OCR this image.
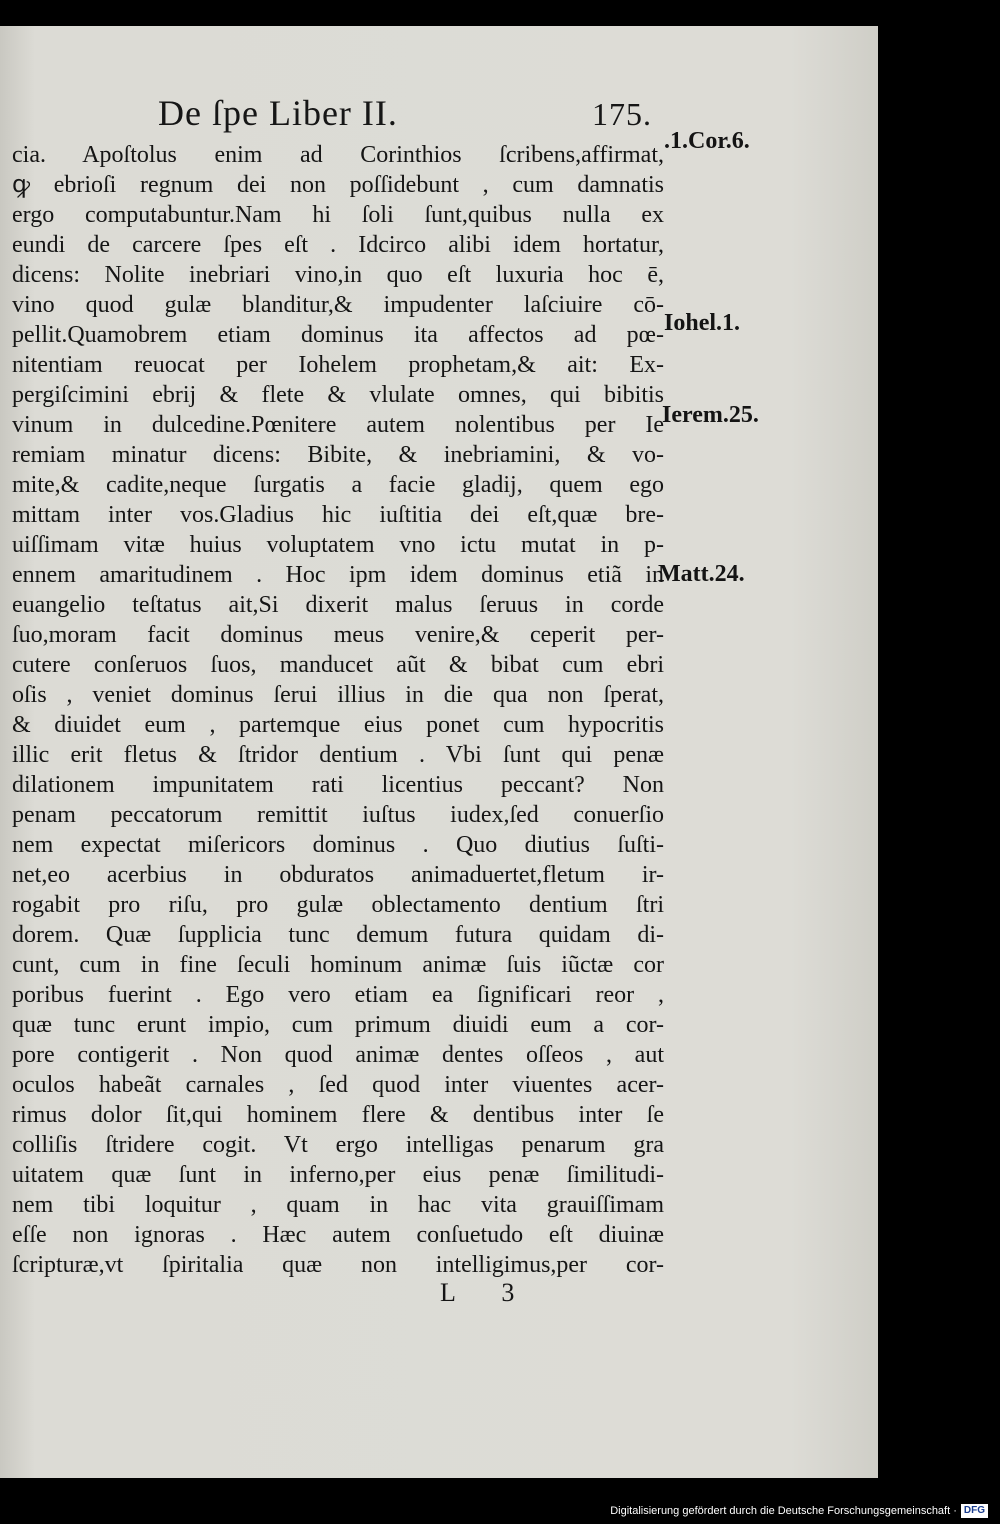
De ſpe Liber II.	175.
cia. Apoſtolus enim ad Corinthios ſcribens,affirmat,
ꝙ ebrioſi regnum dei non poſſidebunt , cum damnatis
ergo computabuntur.Nam hi ſoli ſunt,quibus nulla ex
eundi de carcere ſpes eſt . Idcirco alibi idem hortatur,
dicens: Nolite inebriari vino,in quo eſt luxuria hoc ē,
vino quod gulæ blanditur,& impudenter laſciuire cō-
pellit.Quamobrem etiam dominus ita affectos ad pœ-
nitentiam reuocat per Iohelem prophetam,& ait: Ex-
pergiſcimini ebrij & flete & vlulate omnes, qui bibitis
vinum in dulcedine.Pœnitere autem nolentibus per Ie
remiam minatur dicens: Bibite, & inebriamini, & vo-
mite,& cadite,neque ſurgatis a facie gladij, quem ego
mittam inter vos.Gladius hic iuſtitia dei eſt,quæ bre-
uiſſimam vitæ huius voluptatem vno ictu mutat in p-
ennem amaritudinem . Hoc ipm idem dominus etiã in
euangelio teſtatus ait,Si dixerit malus ſeruus in corde
ſuo,moram facit dominus meus venire,& ceperit per-
cutere conſeruos ſuos, manducet aũt & bibat cum ebri
oſis , veniet dominus ſerui illius in die qua non ſperat,
& diuidet eum , partemque eius ponet cum hypocritis
illic erit fletus & ſtridor dentium . Vbi ſunt qui penæ
dilationem impunitatem rati licentius peccant? Non
penam peccatorum remittit iuſtus iudex,ſed conuerſio
nem expectat miſericors dominus . Quo diutius ſuſti-
net,eo acerbius in obduratos animaduertet,fletum ir-
rogabit pro riſu, pro gulæ oblectamento dentium ſtri
dorem. Quæ ſupplicia tunc demum futura quidam di-
cunt, cum in fine ſeculi hominum animæ ſuis iũctæ cor
poribus fuerint . Ego vero etiam ea ſignificari reor ,
quæ tunc erunt impio, cum primum diuidi eum a cor-
pore contigerit . Non quod animæ dentes oſſeos , aut
oculos habeãt carnales , ſed quod inter viuentes acer-
rimus dolor ſit,qui hominem flere & dentibus inter ſe
colliſis ſtridere cogit. Vt ergo intelligas penarum gra
uitatem quæ ſunt in inferno,per eius penæ ſimilitudi-
nem tibi loquitur , quam in hac vita grauiſſimam
eſſe non ignoras . Hæc autem conſuetudo eſt diuinæ
ſcripturæ,vt ſpiritalia quæ non intelligimus,per cor-
.1.Cor.6.
Iohel.1.
Ierem.25.
Matt.24.
L 3
Digitalisierung gefördert durch die Deutsche Forschungsgemeinschaft · DFG
